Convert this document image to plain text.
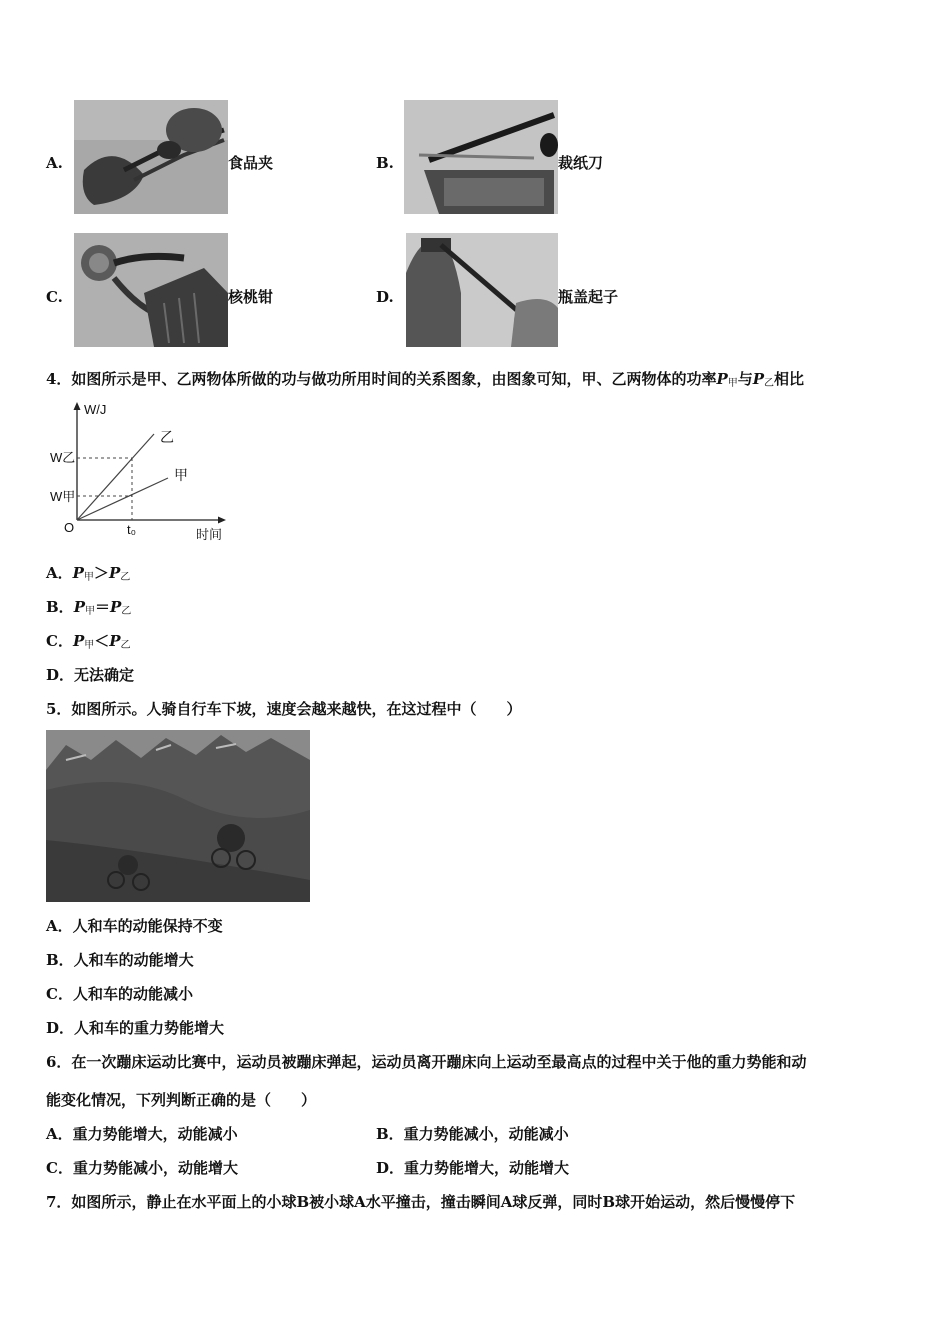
A.	食品夹	B.	裁纸刀
C.	核桃钳	D.	瓶盖起子
4．如图所示是甲、乙两物体所做的功与做功所用时间的关系图象，由图象可知，甲、乙两物体的功率$P_甲$与$P_乙$相比
W/J
时间
O
W乙
W甲
t₀
乙
甲
A．$P_甲>P_乙$
B．$P_甲=P_乙$
C．$P_甲<P_乙$
D．无法确定
5．如图所示。人骑自行车下坡，速度会越来越快，在这过程中（　　）
A．人和车的动能保持不变
B．人和车的动能增大
C．人和车的动能减小
D．人和车的重力势能增大
6．在一次蹦床运动比赛中，运动员被蹦床弹起，运动员离开蹦床向上运动至最高点的过程中关于他的重力势能和动
能变化情况，下列判断正确的是（　　）
A．重力势能增大，动能减小	B．重力势能减小，动能减小
C．重力势能减小，动能增大	D．重力势能增大，动能增大
7．如图所示，静止在水平面上的小球B被小球A水平撞击，撞击瞬间A球反弹，同时B球开始运动，然后慢慢停下
